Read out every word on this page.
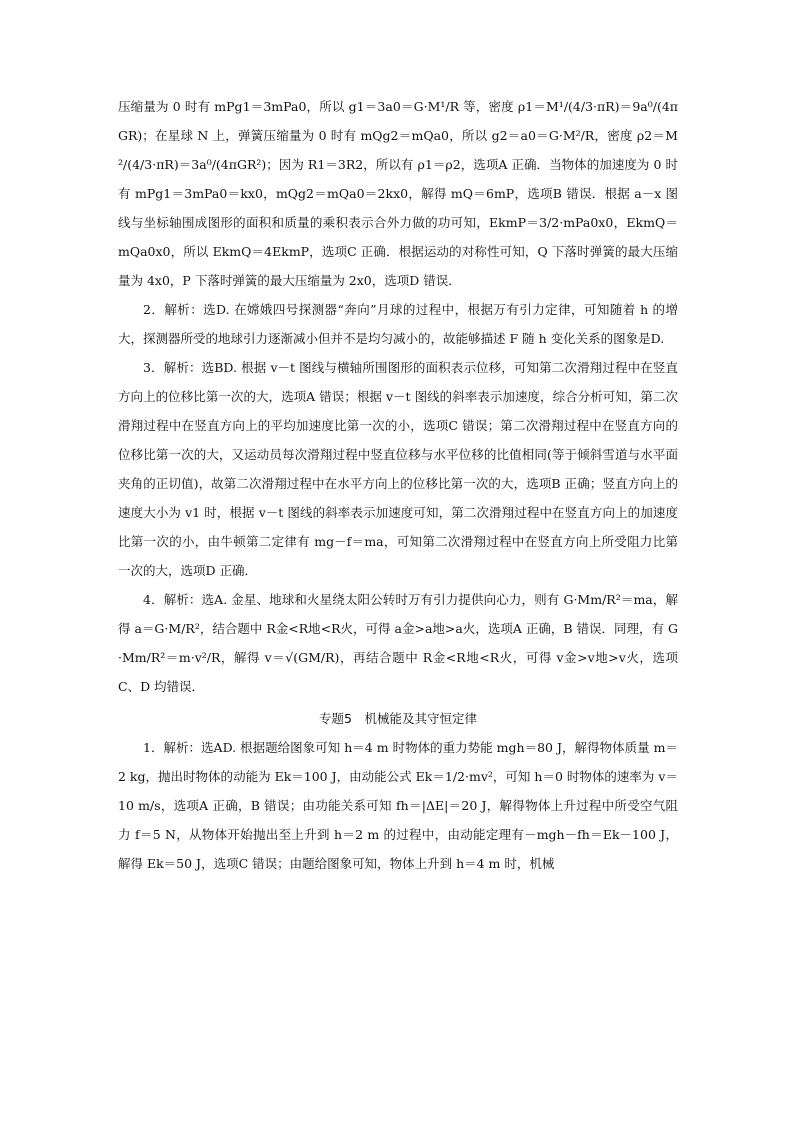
压缩量为 0 时有 mPg1＝3mPa0，所以 g1＝3a0＝G·M¹/R 等，密度 ρ1＝M¹/(4/3·πR)＝9a⁰/(4πGR)；在星球 N 上，弹簧压缩量为 0 时有 mQg2＝mQa0，所以 g2＝a0＝G·M²/R，密度 ρ2＝M²/(4/3·πR)＝3a⁰/(4πGR²)；因为 R1＝3R2，所以有 ρ1＝ρ2，选项A 正确．当物体的加速度为 0 时有 mPg1＝3mPa0＝kx0，mQg2＝mQa0＝2kx0，解得 mQ＝6mP，选项B 错误．根据 a－x 图线与坐标轴围成图形的面积和质量的乘积表示合外力做的功可知，EkmP＝3/2·mPa0x0，EkmQ＝mQa0x0，所以 EkmQ＝4EkmP，选项C 正确．根据运动的对称性可知，Q 下落时弹簧的最大压缩量为 4x0，P 下落时弹簧的最大压缩量为 2x0，选项D 错误．

2．解析：选D. 在嫦娥四号探测器“奔向”月球的过程中，根据万有引力定律，可知随着 h 的增大，探测器所受的地球引力逐渐减小但并不是均匀减小的，故能够描述 F 随 h 变化关系的图象是D.

3．解析：选BD. 根据 v－t 图线与横轴所围图形的面积表示位移，可知第二次滑翔过程中在竖直方向上的位移比第一次的大，选项A 错误；根据 v－t 图线的斜率表示加速度，综合分析可知，第二次滑翔过程中在竖直方向上的平均加速度比第一次的小，选项C 错误；第二次滑翔过程中在竖直方向的位移比第一次的大，又运动员每次滑翔过程中竖直位移与水平位移的比值相同(等于倾斜雪道与水平面夹角的正切值)，故第二次滑翔过程中在水平方向上的位移比第一次的大，选项B 正确；竖直方向上的速度大小为 v1 时，根据 v－t 图线的斜率表示加速度可知，第二次滑翔过程中在竖直方向上的加速度比第一次的小，由牛顿第二定律有 mg－f＝ma，可知第二次滑翔过程中在竖直方向上所受阻力比第一次的大，选项D 正确．

4．解析：选A. 金星、地球和火星绕太阳公转时万有引力提供向心力，则有 G·Mm/R²＝ma，解得 a＝G·M/R²，结合题中 R金<R地<R火，可得 a金>a地>a火，选项A 正确，B 错误．同理，有 G·Mm/R²＝m·v²/R，解得 v＝√(GM/R)，再结合题中 R金<R地<R火，可得 v金>v地>v火，选项C、D 均错误．

专题5　机械能及其守恒定律

1．解析：选AD. 根据题给图象可知 h＝4 m 时物体的重力势能 mgh＝80 J，解得物体质量 m＝2 kg，抛出时物体的动能为 Ek＝100 J，由动能公式 Ek＝1/2·mv²，可知 h＝0 时物体的速率为 v＝10 m/s，选项A 正确，B 错误；由功能关系可知 fh＝|ΔE|＝20 J，解得物体上升过程中所受空气阻力 f＝5 N，从物体开始抛出至上升到 h＝2 m 的过程中，由动能定理有－mgh－fh＝Ek－100 J，解得 Ek＝50 J，选项C 错误；由题给图象可知，物体上升到 h＝4 m 时，机械
